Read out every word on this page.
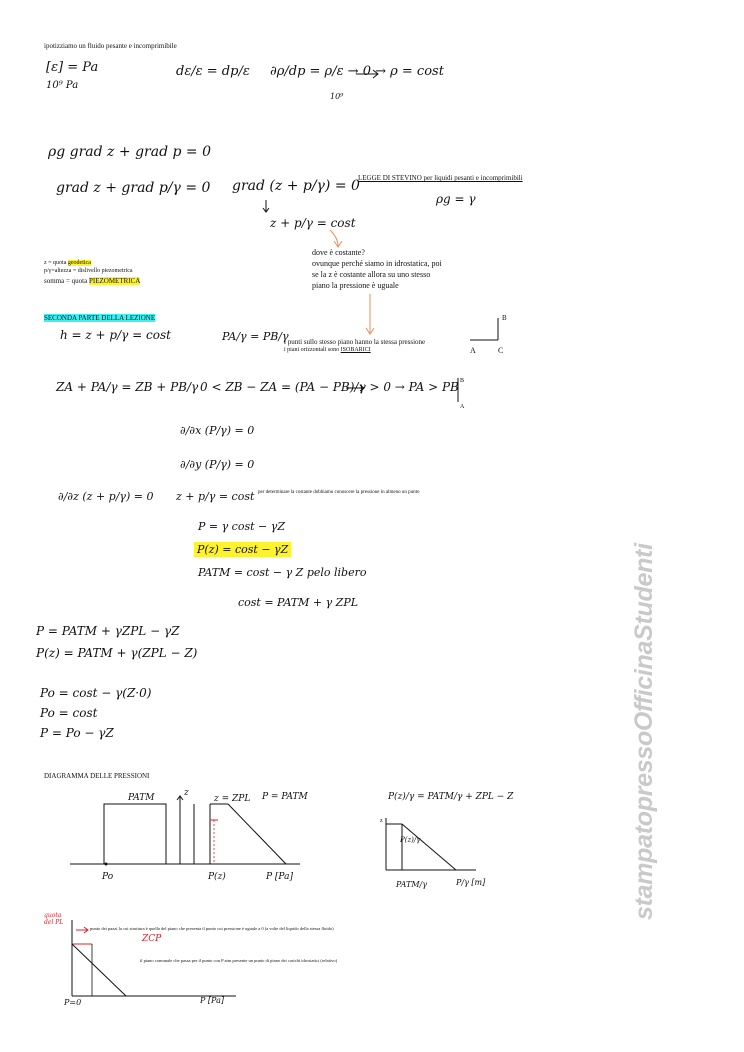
ipotizziamo un fluido pesante e incomprimibile
[ε] = Pa
10⁹ Pa
dε/ε = dp/ε ∂ρ/dp = ρ/ε → 0 → ρ = cost
10⁹
ρg grad z + grad p = 0
grad z + grad p/γ = 0 grad (z + p/γ) = 0
LEGGE DI STEVINO per liquidi pesanti e incomprimibili
ρg = γ
z + p/γ = cost
dove è costante?
ovunque perché siamo in idrostatica, poi
se la z è costante allora su uno stesso
piano la pressione è uguale
z = quota geodetica
p/γ=altezza = dislivello piezometrica
somma = quota PIEZOMETRICA
SECONDA PARTE DELLA LEZIONE
h = z + p/γ = cost	PA/γ = PB/γ
i punti sullo stesso piano hanno la stessa pressione
i piani orizzontali sono ISOBARICI
B
A	C
ZA + PA/γ = ZB + PB/γ 0 < ZB − ZA = (PA − PB)/γ > 0 → PA > PB
∂/∂x (P/γ) = 0
∂/∂y (P/γ) = 0
∂/∂z (z + p/γ) = 0 z + p/γ = cost per determinare la costante dobbiamo conoscere la pressione in almeno un punto
P = γ cost − γZ
P(z) = cost − γZ
PATM = cost − γ Z pelo libero
cost = PATM + γ ZPL
P = PATM + γZPL − γZ
P(z) = PATM + γ(ZPL − Z)
Po = cost − γ(Z·0)
Po = cost
P = Po − γZ
DIAGRAMMA DELLE PRESSIONI
PATM	z
z = ZPL P = PATM
Po	P(z)	P [Pa]
P(z)/γ = PATM/γ + ZPL − Z
PATM/γ	P/γ [m]
P(z)/γ
quota del PL
ZCP
punto dei pazzi la cui struttura è quella del piano che presenta il punto cui pressione è uguale a 0 (a volte del liquido della stessa fluido)
il piano comunale che passa per il punto con P atm presente un punto di piano dei carichi idrostatici (relativo)
P=0	P [Pa]
B
A
z	stampatopressoOfficinaStudenti
